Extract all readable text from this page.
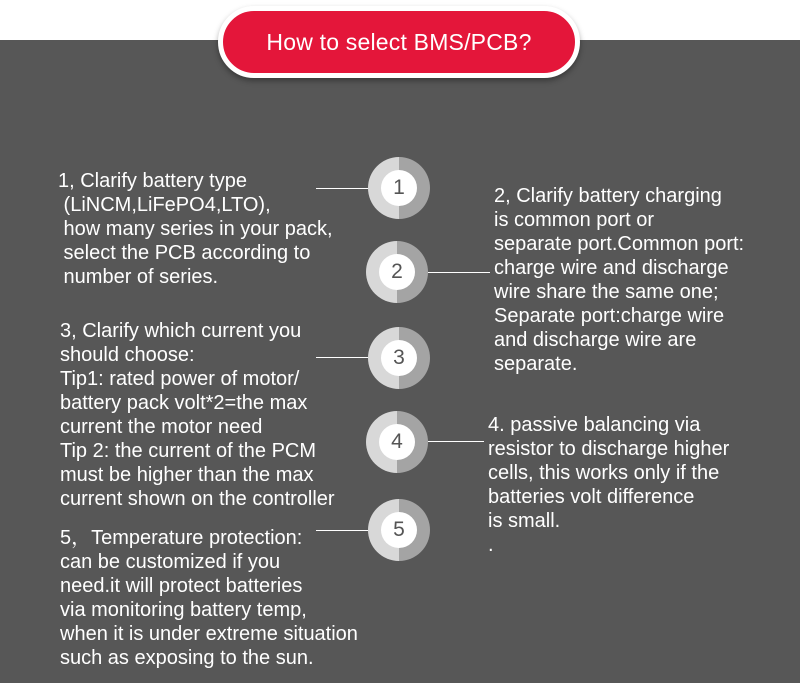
How to select BMS/PCB?

1, Clarify battery type
(LiNCM,LiFePO4,LTO),
how many series in your pack,
select the PCB according to
number of series.

1	2, Clarify battery charging
is common port or
separate port.Common port:
charge wire and discharge
wire share the same one;
Separate port:charge wire
and discharge wire are
separate.

2

3, Clarify which current you
should choose:
Tip1: rated power of motor/
battery pack volt*2=the max
current the motor need
Tip 2: the current of the PCM
must be higher than the max
current shown on the controller

3

4. passive balancing via
resistor to discharge higher
cells, this works only if the
batteries volt difference
is small.
.

4

5，Temperature protection:
can be customized if you
need.it will protect batteries
via monitoring battery temp,
when it is under extreme situation
such as exposing to the sun.

5
